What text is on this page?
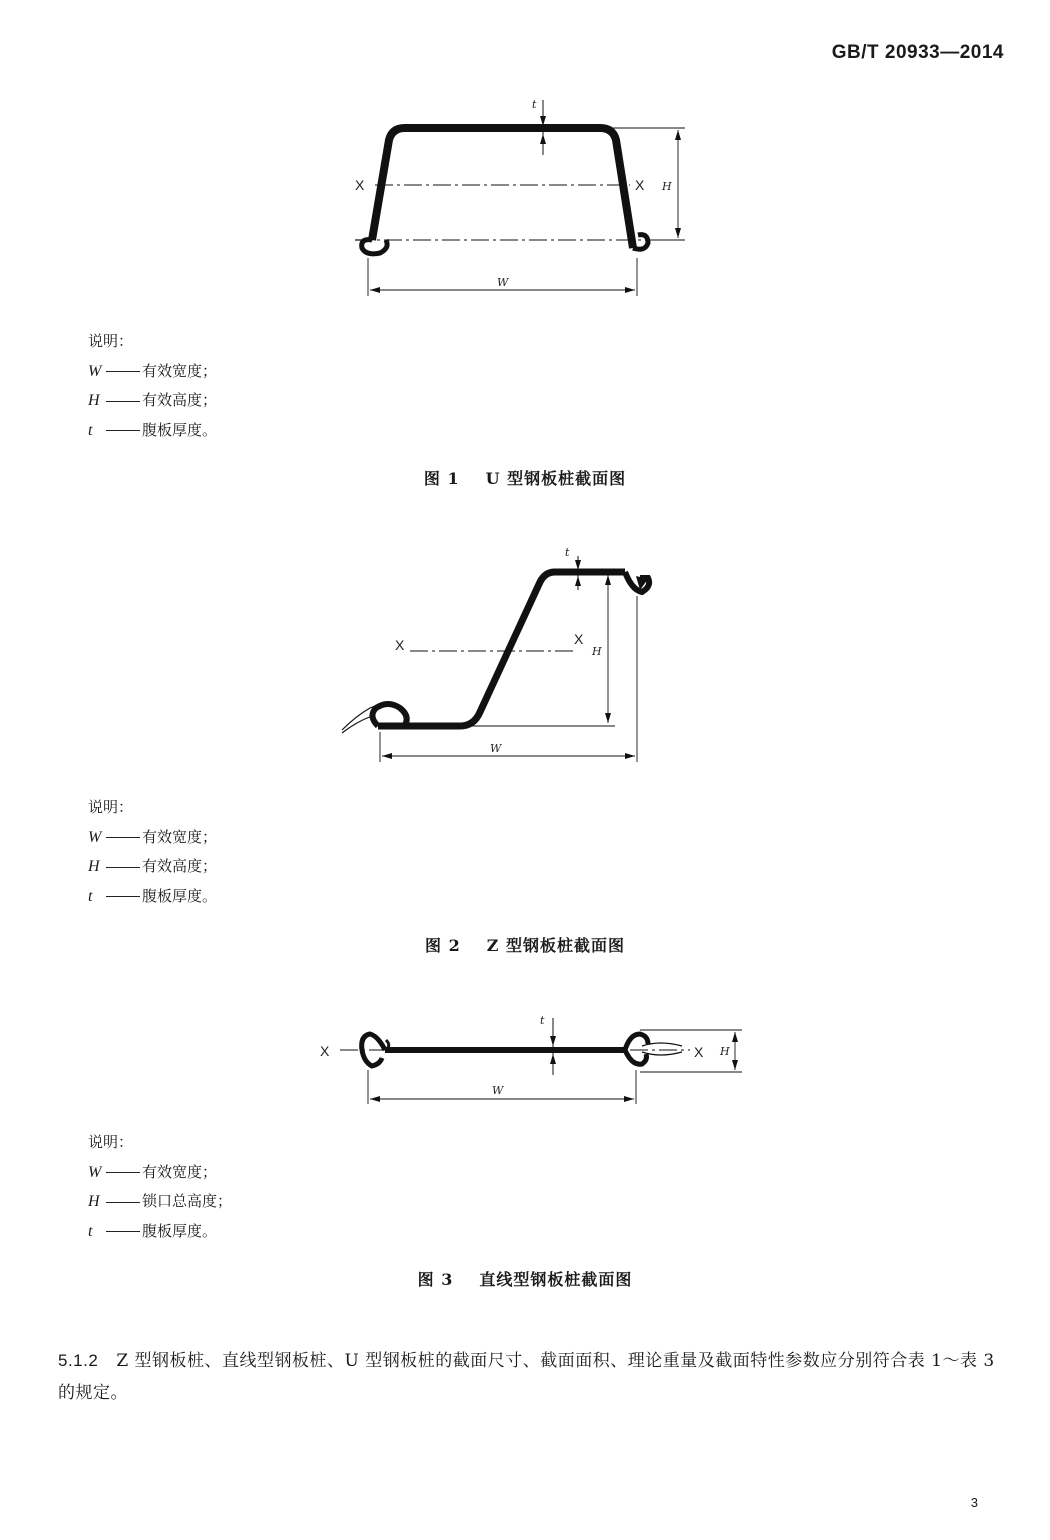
GB/T 20933—2014
t
X	X H
W
说明：
W	有效宽度；
H	有效高度；
t	腹板厚度。
图 1 U 型钢板桩截面图
t
X	X
H
W
说明：
W	有效宽度；
H	有效高度；
t	腹板厚度。
图 2 Z 型钢板桩截面图
t
X	X H
W
说明：
W	有效宽度；
H	锁口总高度；
t	腹板厚度。
图 3 直线型钢板桩截面图
5.1.2 Z 型钢板桩、直线型钢板桩、U 型钢板桩的截面尺寸、截面面积、理论重量及截面特性参数应分别符合表 1～表 3 的规定。
3
